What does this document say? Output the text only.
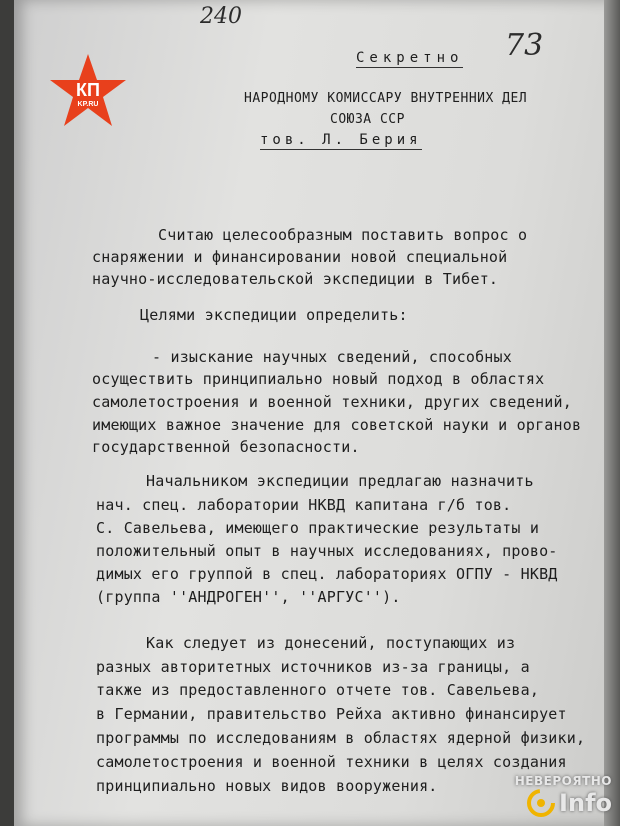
240
73
Секретно
НАРОДНОМУ КОМИССАРУ ВНУТРЕННИХ ДЕЛ
СОЮЗА ССР
тов. Л. Берия
Считаю целесообразным поставить вопрос о
снаряжении и финансировании новой специальной
научно-исследовательской экспедиции в Тибет.
Целями экспедиции определить:
- изыскание научных сведений, способных
осуществить принципиально новый подход в областях
самолетостроения и военной техники, других сведений,
имеющих важное значение для советской науки и органов
государственной безопасности.
Начальником экспедиции предлагаю назначить
нач. спец. лаборатории НКВД капитана г/б тов.
С. Савельева, имеющего практические результаты и
положительный опыт в научных исследованиях, прово-
димых его группой в спец. лабораториях ОГПУ - НКВД
(группа ''АНДРОГЕН'', ''АРГУС'').
Как следует из донесений, поступающих из
разных авторитетных источников из-за границы, а
также из предоставленного отчете тов. Савельева,
в Германии, правительство Рейха активно финансирует
программы по исследованиям в областях ядерной физики,
самолетостроения и военной техники в целях создания
принципиально новых видов вооружения.
КП
KP.RU
НЕВЕРОЯТНО
Info
